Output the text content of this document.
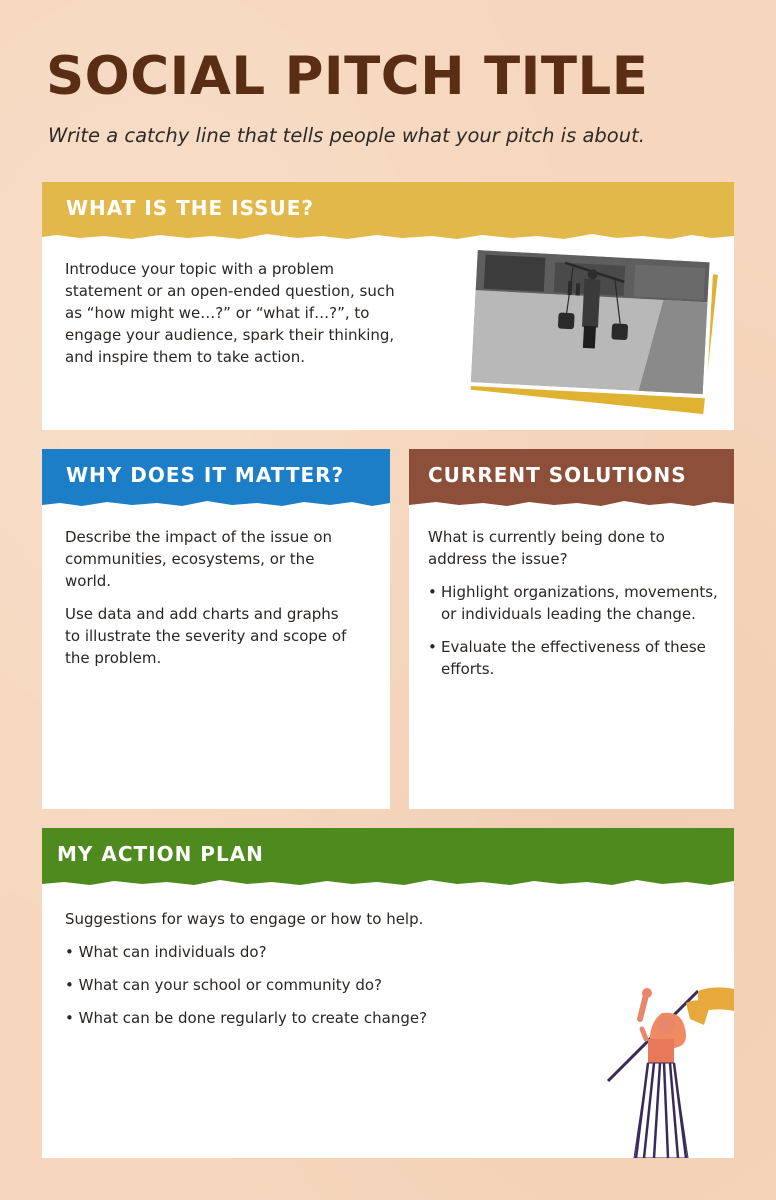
SOCIAL PITCH TITLE
Write a catchy line that tells people what your pitch is about.
WHAT IS THE ISSUE?
Introduce your topic with a problem statement or an open-ended question, such as “how might we…?” or “what if…?”, to engage your audience, spark their thinking, and inspire them to take action.
WHY DOES IT MATTER?
Describe the impact of the issue on communities, ecosystems, or the world.
Use data and add charts and graphs to illustrate the severity and scope of the problem.
CURRENT SOLUTIONS
What is currently being done to address the issue?
• Highlight organizations, movements, or individuals leading the change.
• Evaluate the effectiveness of these efforts.
MY ACTION PLAN
Suggestions for ways to engage or how to help.
• What can individuals do?
• What can your school or community do?
• What can be done regularly to create change?
